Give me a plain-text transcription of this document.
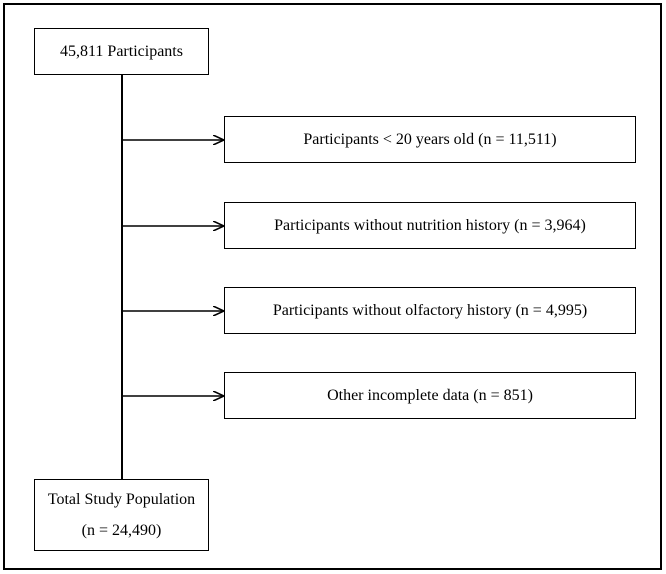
45,811 Participants
Participants < 20 years old (n = 11,511)
Participants without nutrition history (n = 3,964)
Participants without olfactory history (n = 4,995)
Other incomplete data (n = 851)
Total Study Population
(n = 24,490)
